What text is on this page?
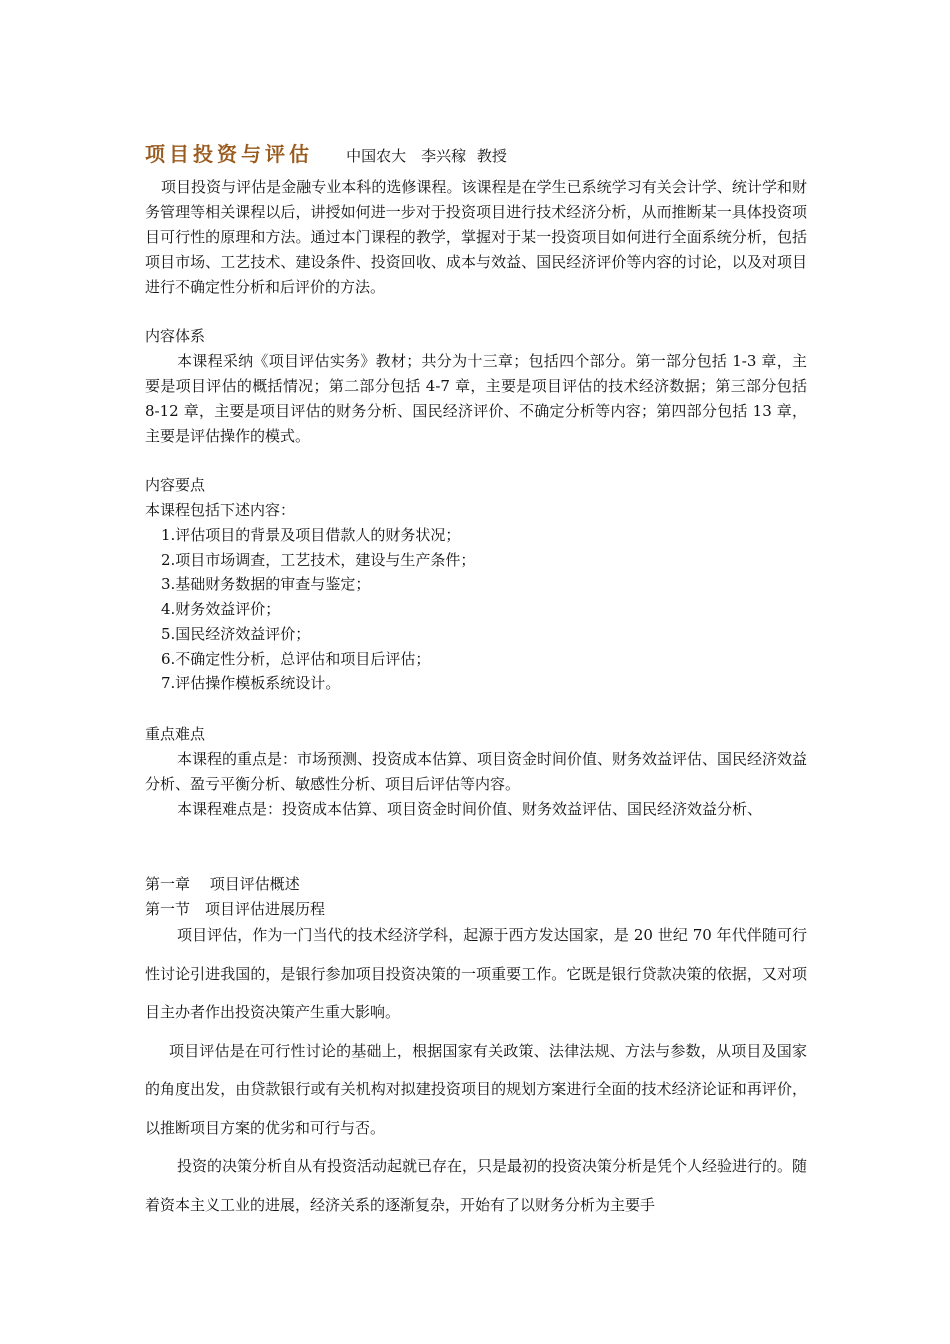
项目投资与评估 中国农大　李兴稼 教授

项目投资与评估是金融专业本科的选修课程。该课程是在学生已系统学习有关会计学、统计学和财务管理等相关课程以后，讲授如何进一步对于投资项目进行技术经济分析，从而推断某一具体投资项目可行性的原理和方法。通过本门课程的教学，掌握对于某一投资项目如何进行全面系统分析，包括项目市场、工艺技术、建设条件、投资回收、成本与效益、国民经济评价等内容的讨论，以及对项目进行不确定性分析和后评价的方法。

内容体系

本课程采纳《项目评估实务》教材；共分为十三章；包括四个部分。第一部分包括 1-3 章，主要是项目评估的概括情况；第二部分包括 4-7 章，主要是项目评估的技术经济数据；第三部分包括 8-12 章，主要是项目评估的财务分析、国民经济评价、不确定分析等内容；第四部分包括 13 章，主要是评估操作的模式。

内容要点

本课程包括下述内容：

1.评估项目的背景及项目借款人的财务状况；

2.项目市场调查，工艺技术，建设与生产条件；

3.基础财务数据的审查与鉴定；

4.财务效益评价；

5.国民经济效益评价；

6.不确定性分析，总评估和项目后评估；

7.评估操作模板系统设计。

重点难点

本课程的重点是：市场预测、投资成本估算、项目资金时间价值、财务效益评估、国民经济效益分析、盈亏平衡分析、敏感性分析、项目后评估等内容。

本课程难点是：投资成本估算、项目资金时间价值、财务效益评估、国民经济效益分析、

第一章　 项目评估概述

第一节　项目评估进展历程

项目评估，作为一门当代的技术经济学科，起源于西方发达国家，是 20 世纪 70 年代伴随可行性讨论引进我国的，是银行参加项目投资决策的一项重要工作。它既是银行贷款决策的依据，又对项目主办者作出投资决策产生重大影响。

项目评估是在可行性讨论的基础上，根据国家有关政策、法律法规、方法与参数，从项目及国家的角度出发，由贷款银行或有关机构对拟建投资项目的规划方案进行全面的技术经济论证和再评价，以推断项目方案的优劣和可行与否。

投资的决策分析自从有投资活动起就已存在，只是最初的投资决策分析是凭个人经验进行的。随着资本主义工业的进展，经济关系的逐渐复杂，开始有了以财务分析为主要手
